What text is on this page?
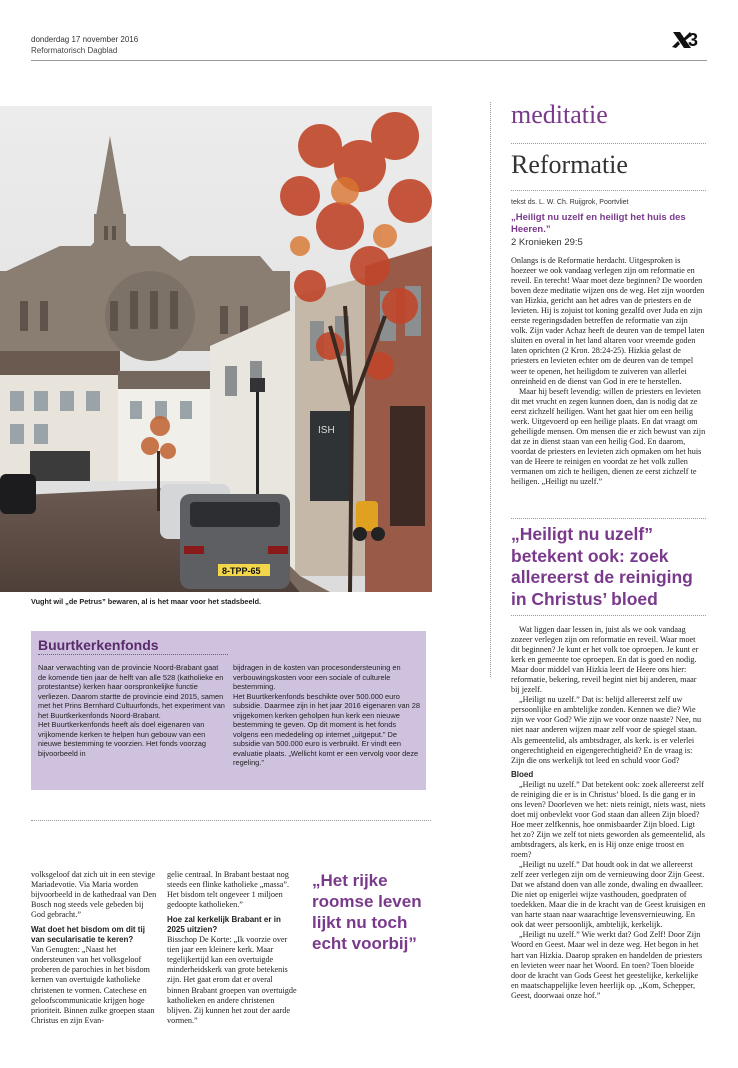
donderdag 17 november 2016
Reformatorisch Dagblad
3
ISH
8-TPP-65
Vught wil „de Petrus” bewaren, al is het maar voor het stadsbeeld.
Buurtkerkenfonds
Naar verwachting van de provincie Noord-Brabant gaat de komende tien jaar de helft van alle 528 (katholieke en protestantse) kerken haar oorspronkelijke functie verliezen. Daarom startte de provincie eind 2015, samen met het Prins Bernhard Cultuurfonds, het experiment van het Buurtkerkenfonds Noord-Brabant.
Het Buurtkerkenfonds heeft als doel eigenaren van vrijkomende kerken te helpen hun gebouw van een nieuwe bestemming te voorzien. Het fonds voorzag bijvoorbeeld in
bijdragen in de kosten van procesondersteuning en verbouwingskosten voor een sociale of culturele bestemming.
Het Buurtkerkenfonds beschikte over 500.000 euro subsidie. Daarmee zijn in het jaar 2016 eigenaren van 28 vrijgekomen kerken geholpen hun kerk een nieuwe bestemming te geven. Op dit moment is het fonds volgens een mededeling op internet „uitgeput.” De subsidie van 500.000 euro is verbruikt. Er vindt een evaluatie plaats. „Wellicht komt er een vervolg voor deze regeling.”

volksgeloof dat zich uit in een stevige Mariadevotie. Via Maria worden bijvoorbeeld in de kathedraal van Den Bosch nog steeds vele gebeden bij God gebracht.”

Wat doet het bisdom om dit tij van secularisatie te keren?

Van Genugten: „Naast het ondersteunen van het volksgeloof proberen de parochies in het bisdom kernen van overtuigde katholieke christenen te vormen. Catechese en geloofscommunicatie krijgen hoge prioriteit. Binnen zulke groepen staan Christus en zijn Evan-

gelie centraal. In Brabant bestaat nog steeds een flinke katholieke „massa”. Het bisdom telt ongeveer 1 miljoen gedoopte katholieken.”

Hoe zal kerkelijk Brabant er in 2025 uitzien?

Bisschop De Korte: „Ik voorzie over tien jaar een kleinere kerk. Maar tegelijkertijd kan een overtuigde minderheidskerk van grote betekenis zijn. Het gaat erom dat er overal binnen Brabant groepen van overtuigde katholieken en andere christenen blijven. Zij kunnen het zout der aarde vormen.”

„Het rijke roomse leven lijkt nu toch echt voorbij”
meditatie
Reformatie
tekst ds. L. W. Ch. Ruijgrok, Poortvliet
„Heiligt nu uzelf en heiligt het huis des Heeren.”
2 Kronieken 29:5

Onlangs is de Reformatie herdacht. Uitgesproken is hoezeer we ook vandaag verlegen zijn om reformatie en reveil. En terecht! Waar moet deze beginnen? De woorden boven deze meditatie wijzen ons de weg. Het zijn woorden van Hizkia, gericht aan het adres van de priesters en de levieten. Hij is zojuist tot koning gezalfd over Juda en zijn eerste regeringsdaden betreffen de reformatie van zijn volk. Zijn vader Achaz heeft de deuren van de tempel laten sluiten en overal in het land altaren voor vreemde goden laten oprichten (2 Kron. 28:24-25). Hizkia gelast de priesters en levieten echter om de deuren van de tempel weer te openen, het heiligdom te zuiveren van allerlei onreinheid en de dienst van God in ere te herstellen.

Maar hij beseft levendig: willen de priesters en levieten dit met vrucht en zegen kunnen doen, dan is nodig dat ze eerst zichzelf heiligen. Want het gaat hier om een heilig werk. Uitgevoerd op een heilige plaats. En dat vraagt om geheiligde mensen. Om mensen die er zich bewust van zijn dat ze in dienst staan van een heilig God. En daarom, voordat de priesters en levieten zich opmaken om het huis van de Heere te reinigen en voordat ze het volk zullen vermanen om zich te heiligen, dienen ze eerst zichzelf te heiligen. „Heiligt nu uzelf.”

„Heiligt nu uzelf” betekent ook: zoek allereerst de reiniging in Christus’ bloed

Wat liggen daar lessen in, juist als we ook vandaag zozeer verlegen zijn om reformatie en reveil. Waar moet dit beginnen? Je kunt er het volk toe oproepen. Je kunt er kerk en gemeente toe oproepen. En dat is goed en nodig. Maar door middel van Hizkia leert de Heere ons hier: reformatie, bekering, reveil begint niet bij anderen, maar bij jezelf.

„Heiligt nu uzelf.” Dat is: belijd allereerst zelf uw persoonlijke en ambtelijke zonden. Kennen we die? Wie zijn we voor God? Wie zijn we voor onze naaste? Nee, nu niet naar anderen wijzen maar zelf voor de spiegel staan. Als gemeentelid, als ambtsdrager, als kerk. is er velerlei ongerechtigheid en eigengerechtigheid? En de vraag is: Zijn die ons werkelijk tot leed en schuld voor God?

Bloed

„Heiligt nu uzelf.” Dat betekent ook: zoek allereerst zelf de reiniging die er is in Christus’ bloed. Is die gang er in ons leven? Doorleven we het: niets reinigt, niets wast, niets doet mij onbevlekt voor God staan dan alleen Zijn bloed? Hoe meer zelfkennis, hoe onmisbaarder Zijn bloed. Ligt het zo? Zijn we zelf tot niets geworden als gemeentelid, als ambtsdragers, als kerk, en is Hij onze enige troost en roem?

„Heiligt nu uzelf.” Dat houdt ook in dat we allereerst zelf zeer verlegen zijn om de vernieuwing door Zijn Geest. Dat we afstand doen van alle zonde, dwaling en dwaalleer. Die niet op enigerlei wijze vasthouden, goedpraten of toedekken. Maar die in de kracht van de Geest kruisigen en van harte staan naar waarachtige levensvernieuwing. En ook dat weer persoonlijk, ambtelijk, kerkelijk.

„Heiligt nu uzelf.” Wie werkt dat? God Zelf! Door Zijn Woord en Geest. Maar wel in deze weg. Het begon in het hart van Hizkia. Daarop spraken en handelden de priesters en levieten weer naar het Woord. En toen? Toen bloeide door de kracht van Gods Geest het geestelijke, kerkelijke en maatschappelijke leven heerlijk op. „Kom, Schepper, Geest, doorwaai onze hof.”
